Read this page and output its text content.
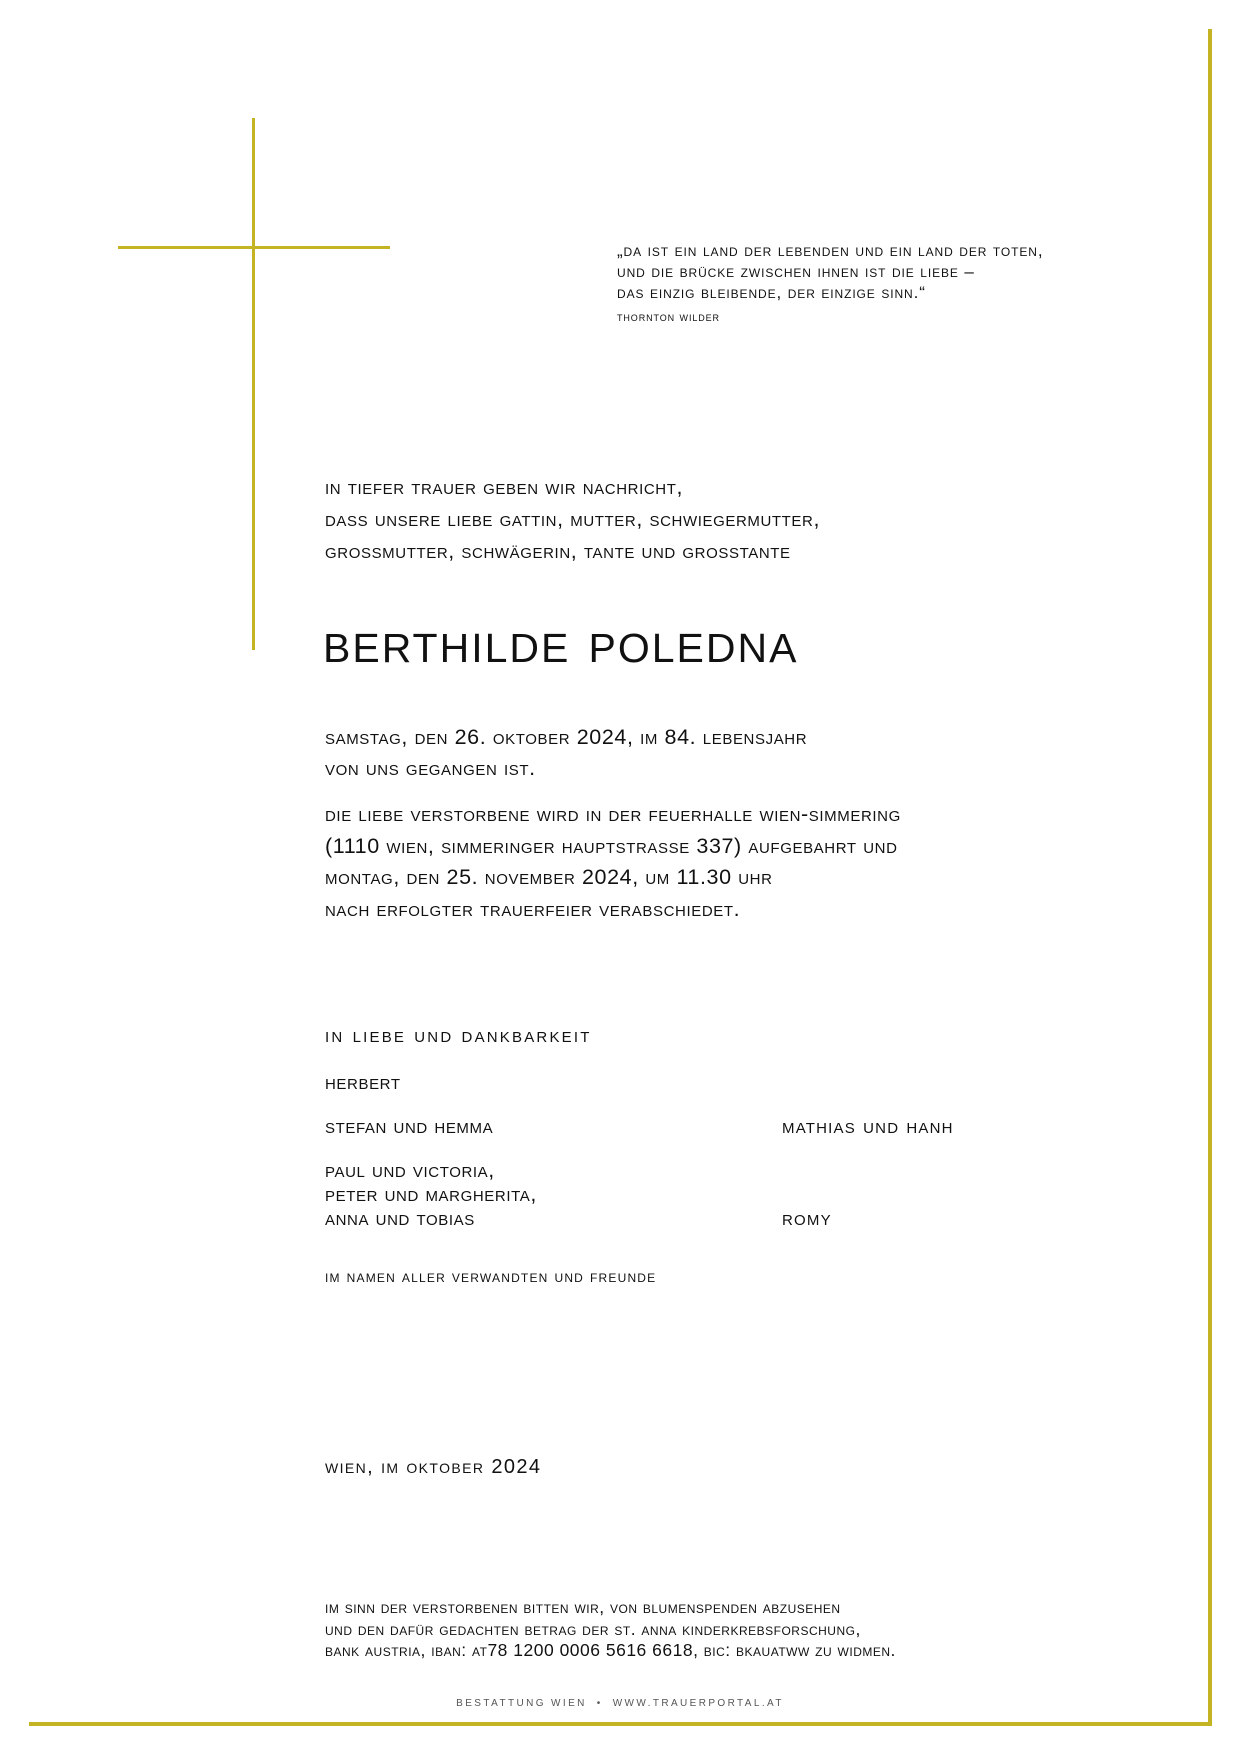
„da ist ein land der lebenden und ein land der toten,
und die brücke zwischen ihnen ist die liebe –
das einzig bleibende, der einzige sinn.“
thornton wilder
in tiefer trauer geben wir nachricht,
dass unsere liebe gattin, mutter, schwiegermutter,
grossmutter, schwägerin, tante und grosstante
berthilde poledna
samstag, den 26. oktober 2024, im 84. lebensjahr
von uns gegangen ist.
die liebe verstorbene wird in der feuerhalle wien-simmering
(1110 wien, simmeringer hauptstrasse 337) aufgebahrt und
montag, den 25. november 2024, um 11.30 uhr
nach erfolgter trauerfeier verabschiedet.
in liebe und dankbarkeit
herbert
stefan und hemma	mathias und hanh
paul und victoria,
peter und margherita,
anna und tobias	romy
im namen aller verwandten und freunde
wien, im oktober 2024
im sinn der verstorbenen bitten wir, von blumenspenden abzusehen
und den dafür gedachten betrag der st. anna kinderkrebsforschung,
bank austria, iban: at78 1200 0006 5616 6618, bic: bkauatww zu widmen.
BESTATTUNG WIEN • WWW.TRAUERPORTAL.AT
